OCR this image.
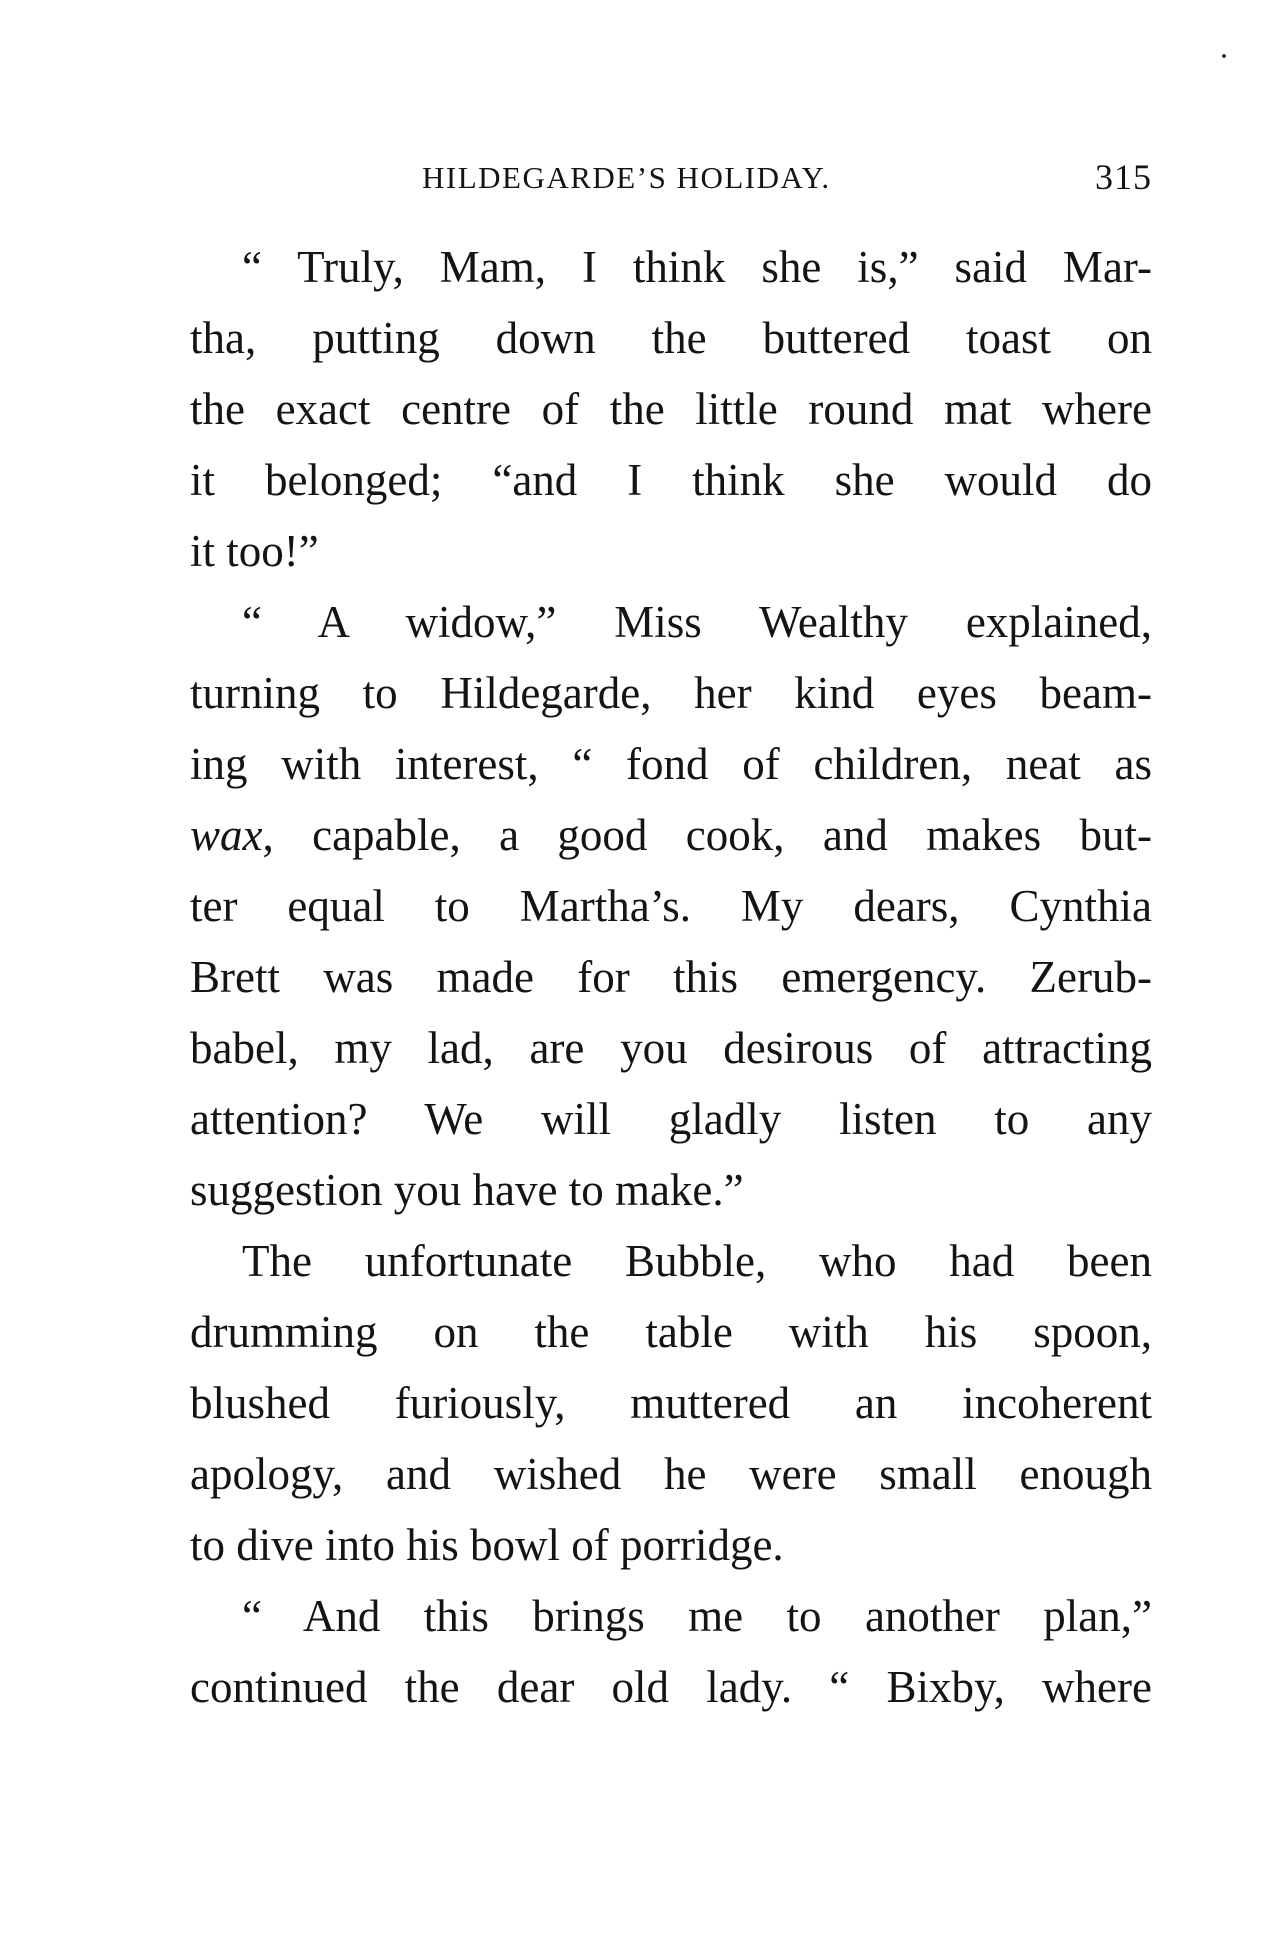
HILDEGARDE’S HOLIDAY.	315
“ Truly, Mam, I think she is,” said Mar-
tha, putting down the buttered toast on
the exact centre of the little round mat where
it belonged; “and I think she would do
it too!”
“ A widow,” Miss Wealthy explained,
turning to Hildegarde, her kind eyes beam-
ing with interest, “ fond of children, neat as
wax, capable, a good cook, and makes but-
ter equal to Martha’s. My dears, Cynthia
Brett was made for this emergency. Zerub-
babel, my lad, are you desirous of attracting
attention? We will gladly listen to any
suggestion you have to make.”
The unfortunate Bubble, who had been
drumming on the table with his spoon,
blushed furiously, muttered an incoherent
apology, and wished he were small enough
to dive into his bowl of porridge.
“ And this brings me to another plan,”
continued the dear old lady. “ Bixby, where
